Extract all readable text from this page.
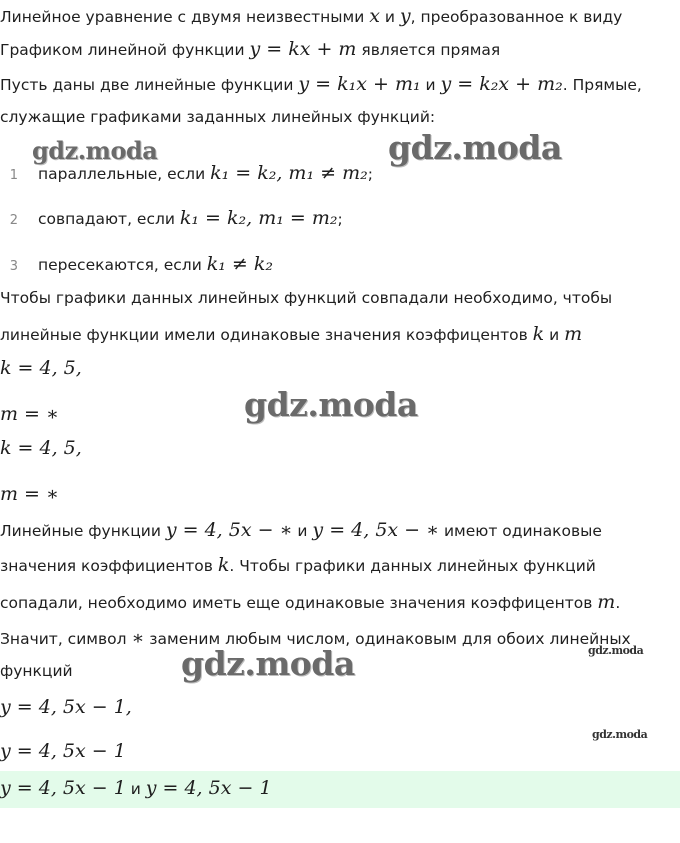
Линейное уравнение с двумя неизвестными x и y, преобразованное к виду
Графиком линейной функции y = kx + m является прямая
Пусть даны две линейные функции y = k₁x + m₁ и y = k₂x + m₂. Прямые,
служащие графиками заданных линейных функций:
1 параллельные, если k₁ = k₂, m₁ ≠ m₂;
2 совпадают, если k₁ = k₂, m₁ = m₂;
3 пересекаются, если k₁ ≠ k₂
Чтобы графики данных линейных функций совпадали необходимо, чтобы
линейные функции имели одинаковые значения коэффицентов k и m
k = 4, 5,
m = ∗
k = 4, 5,
m = ∗
Линейные функции y = 4, 5x − ∗ и y = 4, 5x − ∗ имеют одинаковые
значения коэффициентов k. Чтобы графики данных линейных функций
сопадали, необходимо иметь еще одинаковые значения коэффицентов m.
Значит, символ ∗ заменим любым числом, одинаковым для обоих линейных
функций
y = 4, 5x − 1,
y = 4, 5x − 1
y = 4, 5x − 1 и y = 4, 5x − 1
gdz.moda	gdz.moda
gdz.moda
gdz.moda
gdz.moda
gdz.moda
